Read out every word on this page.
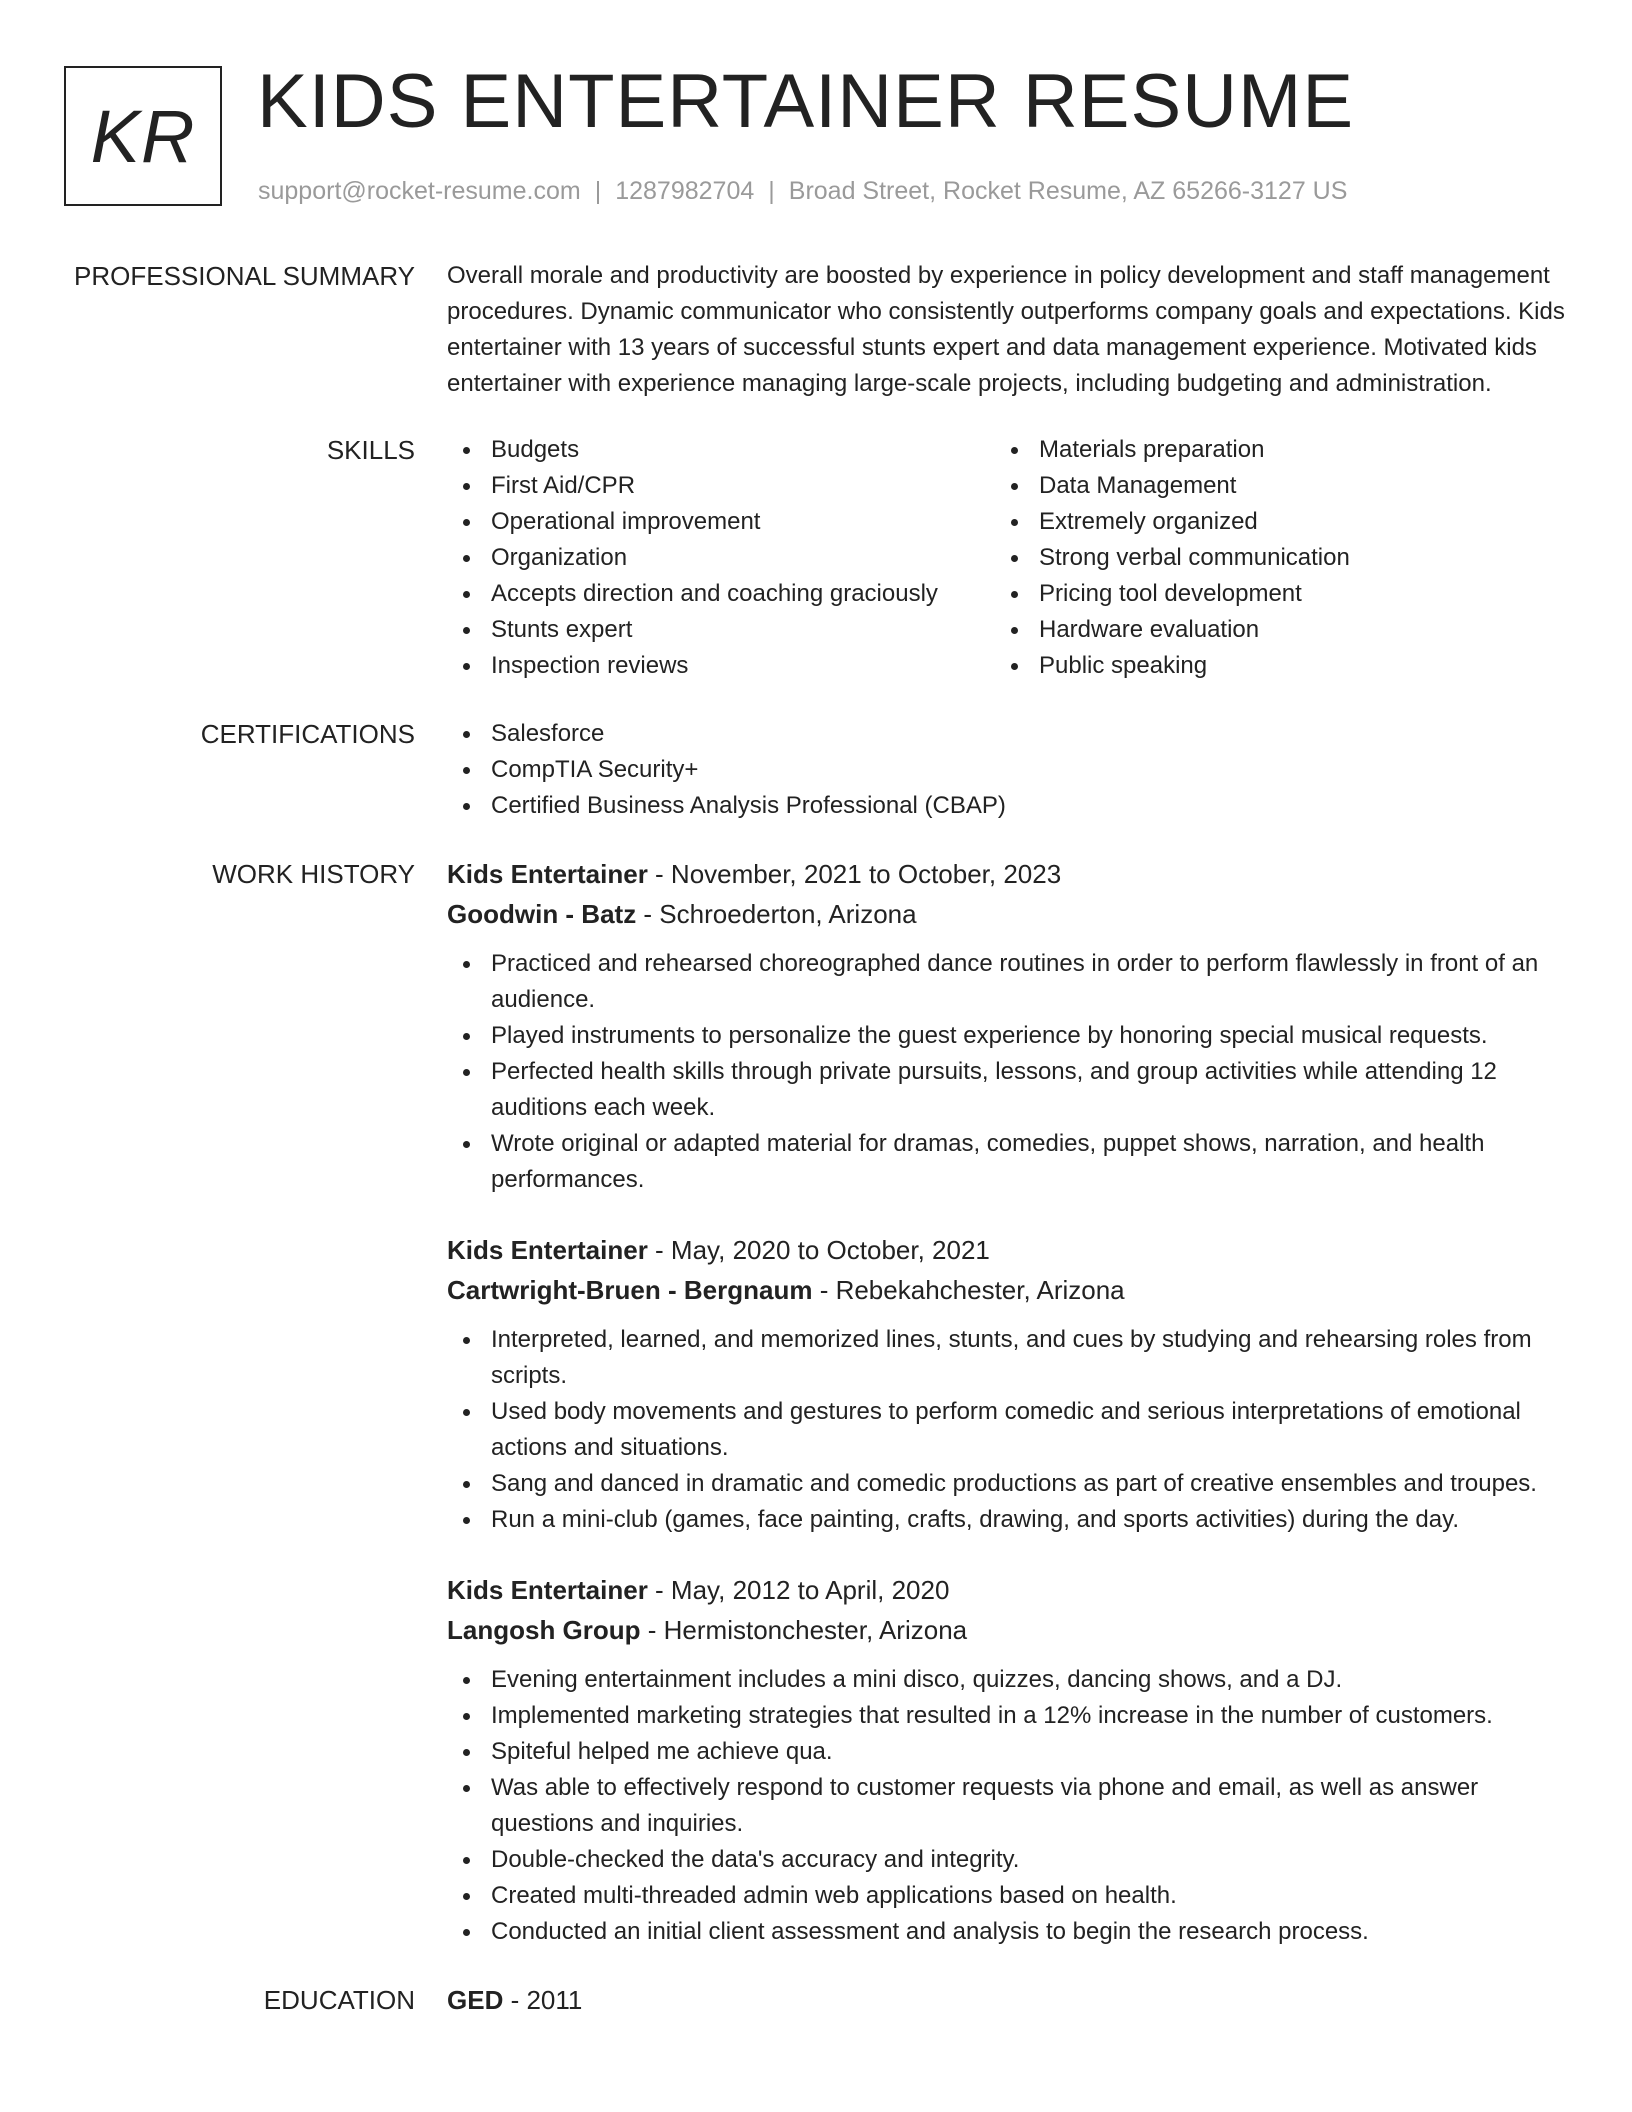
KR KIDS ENTERTAINER RESUME
support@rocket-resume.com | 1287982704 | Broad Street, Rocket Resume, AZ 65266-3127 US
PROFESSIONAL SUMMARY Overall morale and productivity are boosted by experience in policy development and staff management procedures. Dynamic communicator who consistently outperforms company goals and expectations. Kids entertainer with 13 years of successful stunts expert and data management experience. Motivated kids entertainer with experience managing large-scale projects, including budgeting and administration.

SKILLS	Budgets
First Aid/CPR
Operational improvement
Organization
Accepts direction and coaching graciously
Stunts expert
Inspection reviews
Materials preparation
Data Management
Extremely organized
Strong verbal communication
Pricing tool development
Hardware evaluation
Public speaking
CERTIFICATIONS	Salesforce
CompTIA Security+
Certified Business Analysis Professional (CBAP)
WORK HISTORY Kids Entertainer - November, 2021 to October, 2023
Goodwin - Batz - Schroederton, Arizona
Practiced and rehearsed choreographed dance routines in order to perform flawlessly in front of an audience.
Played instruments to personalize the guest experience by honoring special musical requests.
Perfected health skills through private pursuits, lessons, and group activities while attending 12 auditions each week.
Wrote original or adapted material for dramas, comedies, puppet shows, narration, and health performances.
Kids Entertainer - May, 2020 to October, 2021
Cartwright-Bruen - Bergnaum - Rebekahchester, Arizona
Interpreted, learned, and memorized lines, stunts, and cues by studying and rehearsing roles from scripts.
Used body movements and gestures to perform comedic and serious interpretations of emotional actions and situations.
Sang and danced in dramatic and comedic productions as part of creative ensembles and troupes.
Run a mini-club (games, face painting, crafts, drawing, and sports activities) during the day.
Kids Entertainer - May, 2012 to April, 2020
Langosh Group - Hermistonchester, Arizona
Evening entertainment includes a mini disco, quizzes, dancing shows, and a DJ.
Implemented marketing strategies that resulted in a 12% increase in the number of customers.
Spiteful helped me achieve qua.
Was able to effectively respond to customer requests via phone and email, as well as answer questions and inquiries.
Double-checked the data's accuracy and integrity.
Created multi-threaded admin web applications based on health.
Conducted an initial client assessment and analysis to begin the research process.
EDUCATION GED - 2011
